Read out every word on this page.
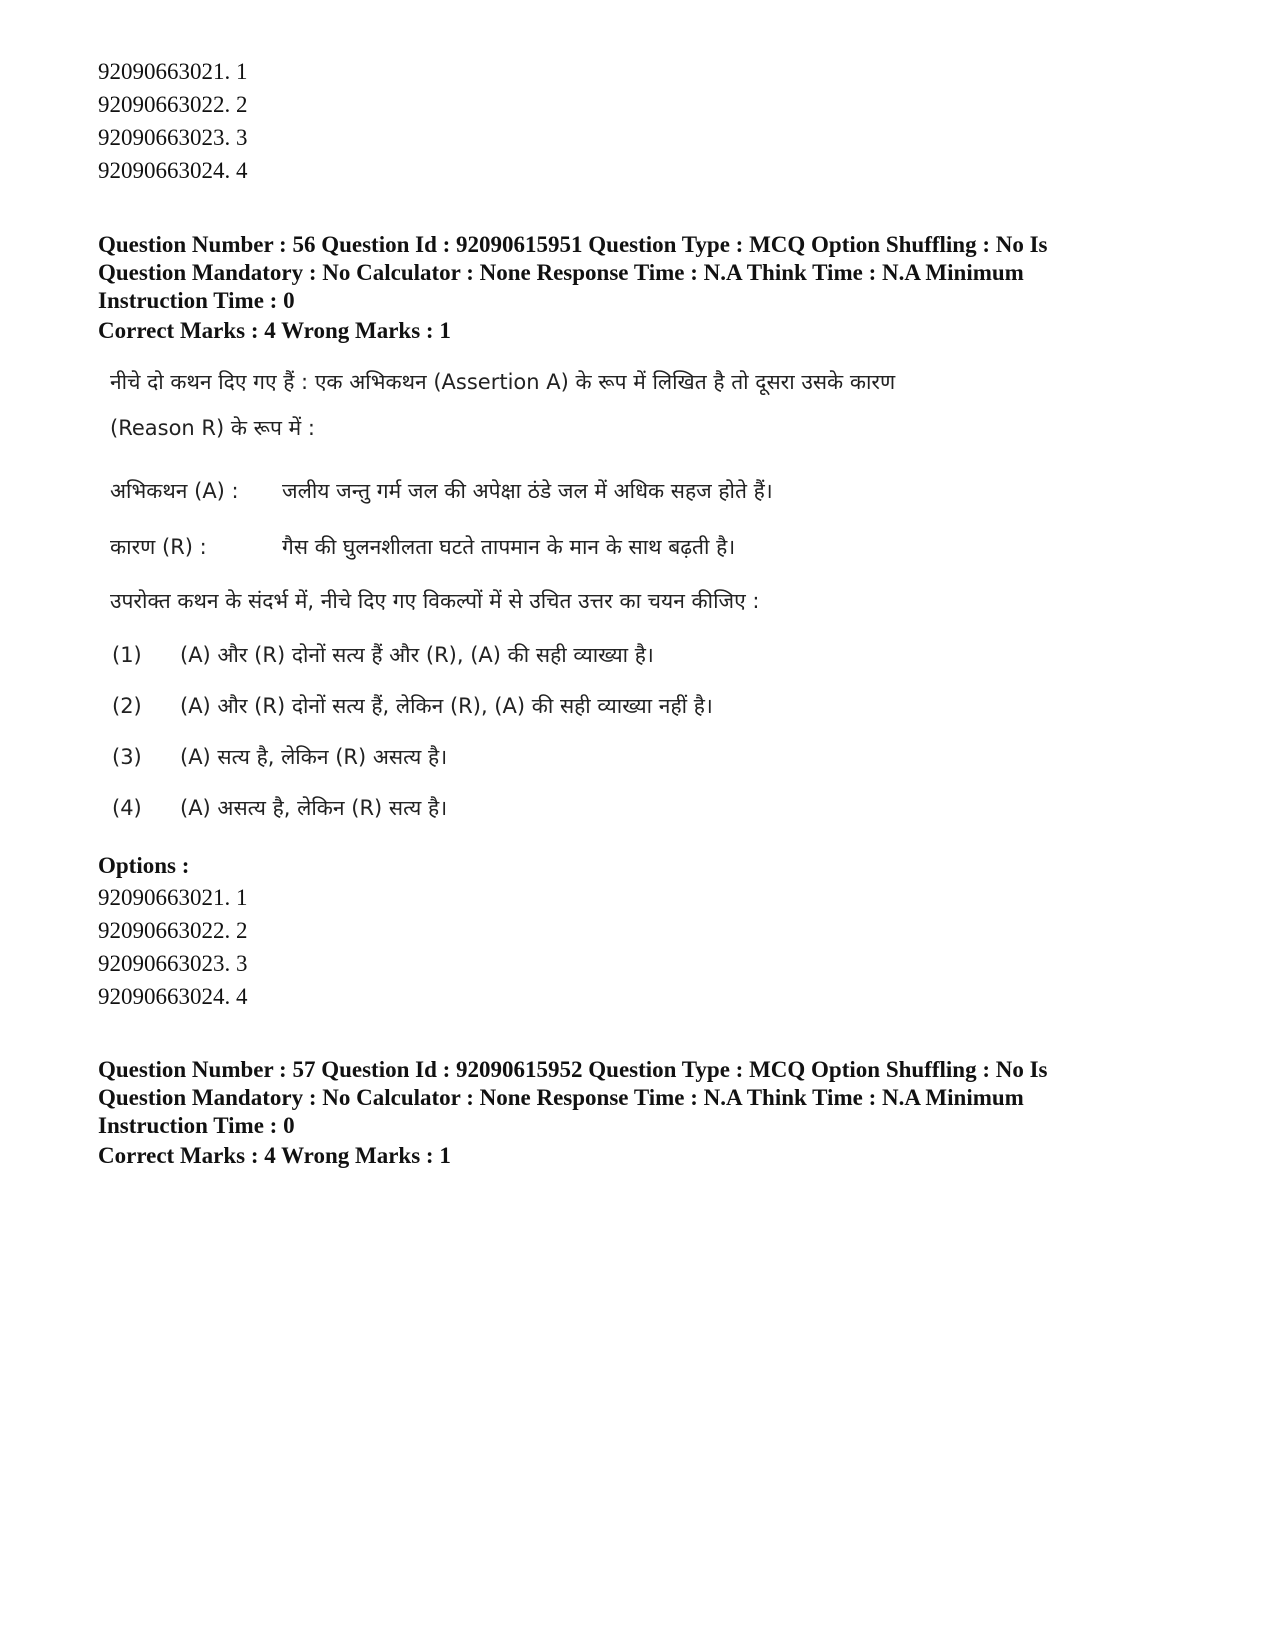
92090663021. 1
92090663022. 2
92090663023. 3
92090663024. 4
Question Number : 56 Question Id : 92090615951 Question Type : MCQ Option Shuffling : No Is
Question Mandatory : No Calculator : None Response Time : N.A Think Time : N.A Minimum
Instruction Time : 0
Correct Marks : 4 Wrong Marks : 1
नीचे दो कथन दिए गए हैं : एक अभिकथन (Assertion A) के रूप में लिखित है तो दूसरा उसके कारण
(Reason R) के रूप में :
अभिकथन (A) : जलीय जन्तु गर्म जल की अपेक्षा ठंडे जल में अधिक सहज होते हैं।
कारण (R) :	गैस की घुलनशीलता घटते तापमान के मान के साथ बढ़ती है।
उपरोक्त कथन के संदर्भ में, नीचे दिए गए विकल्पों में से उचित उत्तर का चयन कीजिए :
(1) (A) और (R) दोनों सत्य हैं और (R), (A) की सही व्याख्या है।
(2) (A) और (R) दोनों सत्य हैं, लेकिन (R), (A) की सही व्याख्या नहीं है।
(3) (A) सत्य है, लेकिन (R) असत्य है।
(4) (A) असत्य है, लेकिन (R) सत्य है।
Options :
92090663021. 1
92090663022. 2
92090663023. 3
92090663024. 4
Question Number : 57 Question Id : 92090615952 Question Type : MCQ Option Shuffling : No Is
Question Mandatory : No Calculator : None Response Time : N.A Think Time : N.A Minimum
Instruction Time : 0
Correct Marks : 4 Wrong Marks : 1
